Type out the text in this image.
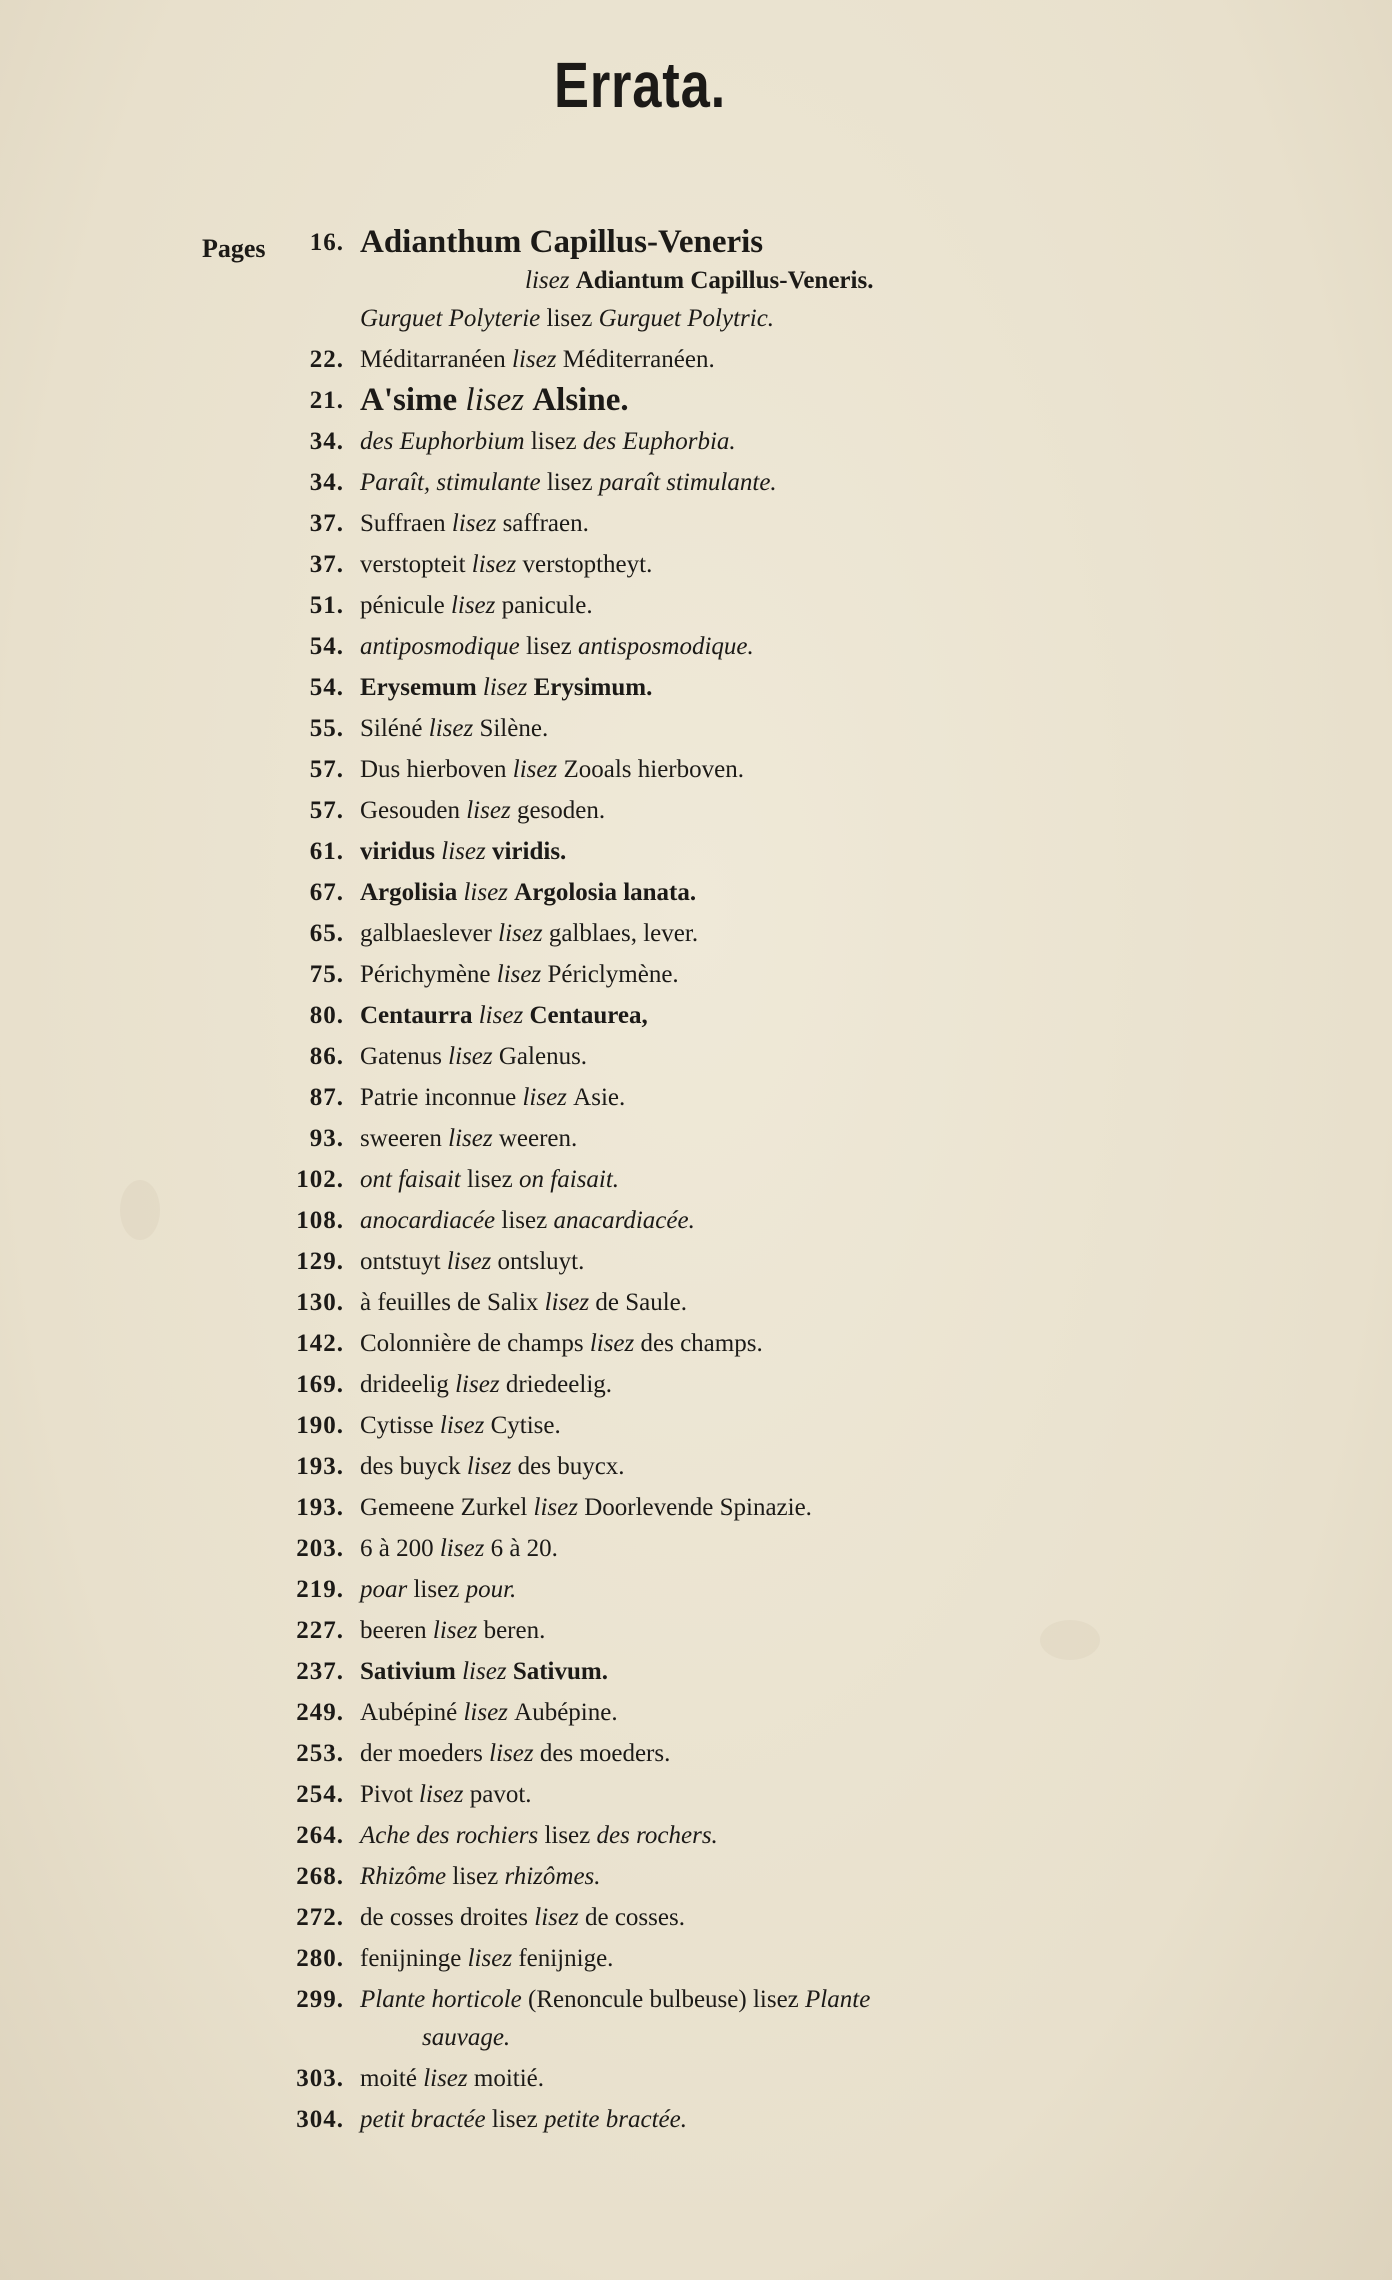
Errata.
Pages	16. Adianthum Capillus-Veneris
lisez Adiantum Capillus-Veneris.
Gurguet Polyterie lisez Gurguet Polytric.
22. Méditarranéen lisez Méditerranéen.
21. A'sime lisez Alsine.
34. des Euphorbium lisez des Euphorbia.
34. Paraît, stimulante lisez paraît stimulante.
37. Suffraen lisez saffraen.
37. verstopteit lisez verstoptheyt.
51. pénicule lisez panicule.
54. antiposmodique lisez antisposmodique.
54. Erysemum lisez Erysimum.
55. Siléné lisez Silène.
57. Dus hierboven lisez Zooals hierboven.
57. Gesouden lisez gesoden.
61. viridus lisez viridis.
67. Argolisia lisez Argolosia lanata.
65. galblaeslever lisez galblaes, lever.
75. Périchymène lisez Périclymène.
80. Centaurra lisez Centaurea,
86. Gatenus lisez Galenus.
87. Patrie inconnue lisez Asie.
93. sweeren lisez weeren.
102. ont faisait lisez on faisait.
108. anocardiacée lisez anacardiacée.
129. ontstuyt lisez ontsluyt.
130. à feuilles de Salix lisez de Saule.
142. Colonnière de champs lisez des champs.
169. drideelig lisez driedeelig.
190. Cytisse lisez Cytise.
193. des buyck lisez des buycx.
193. Gemeene Zurkel lisez Doorlevende Spinazie.
203. 6 à 200 lisez 6 à 20.
219. poar lisez pour.
227. beeren lisez beren.
237. Sativium lisez Sativum.
249. Aubépiné lisez Aubépine.
253. der moeders lisez des moeders.
254. Pivot lisez pavot.
264. Ache des rochiers lisez des rochers.
268. Rhizôme lisez rhizômes.
272. de cosses droites lisez de cosses.
280. fenijninge lisez fenijnige.
299. Plante horticole (Renoncule bulbeuse) lisez Plante
sauvage.
303. moité lisez moitié.
304. petit bractée lisez petite bractée.
